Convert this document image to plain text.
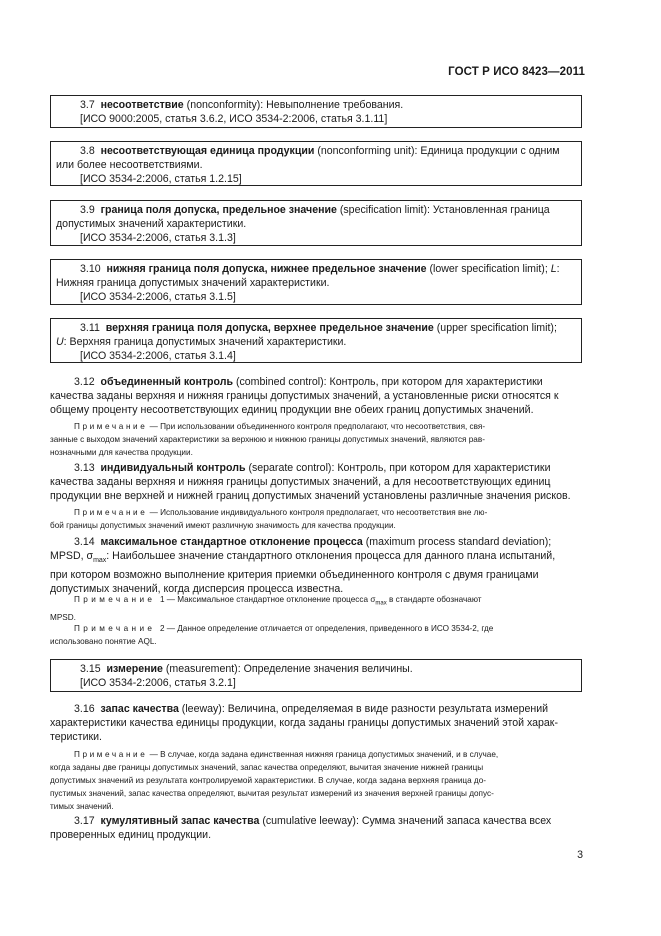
ГОСТ Р ИСО 8423—2011
3.7 несоответствие (nonconformity): Невыполнение требования.
[ИСО 9000:2005, статья 3.6.2, ИСО 3534-2:2006, статья 3.1.11]
3.8 несоответствующая единица продукции (nonconforming unit): Единица продукции с одним
или более несоответствиями.
[ИСО 3534-2:2006, статья 1.2.15]
3.9 граница поля допуска, предельное значение (specification limit): Установленная граница
допустимых значений характеристики.
[ИСО 3534-2:2006, статья 3.1.3]
3.10 нижняя граница поля допуска, нижнее предельное значение (lower specification limit); L:
Нижняя граница допустимых значений характеристики.
[ИСО 3534-2:2006, статья 3.1.5]
3.11 верхняя граница поля допуска, верхнее предельное значение (upper specification limit);
U: Верхняя граница допустимых значений характеристики.
[ИСО 3534-2:2006, статья 3.1.4]
3.12 объединенный контроль (combined control): Контроль, при котором для характеристики
качества заданы верхняя и нижняя границы допустимых значений, а установленные риски относятся к
общему проценту несоответствующих единиц продукции вне обеих границ допустимых значений.
Примечание — При использовании объединенного контроля предполагают, что несоответствия, свя-
занные с выходом значений характеристики за верхнюю и нижнюю границы допустимых значений, являются рав-
нозначными для качества продукции.
3.13 индивидуальный контроль (separate control): Контроль, при котором для характеристики
качества заданы верхняя и нижняя границы допустимых значений, а для несоответствующих единиц
продукции вне верхней и нижней границ допустимых значений установлены различные значения рисков.
Примечание — Использование индивидуального контроля предполагает, что несоответствия вне лю-
бой границы допустимых значений имеют различную значимость для качества продукции.
3.14 максимальное стандартное отклонение процесса (maximum process standard deviation);
MPSD, $\sigma_{max}$: Наибольшее значение стандартного отклонения процесса для данного плана испытаний,
при котором возможно выполнение критерия приемки объединенного контроля с двумя границами
допустимых значений, когда дисперсия процесса известна.
Примечание 1 — Максимальное стандартное отклонение процесса $\sigma_{max}$ в стандарте обозначают
MPSD.
Примечание 2 — Данное определение отличается от определения, приведенного в ИСО 3534-2, где
использовано понятие AQL.
3.15 измерение (measurement): Определение значения величины.
[ИСО 3534-2:2006, статья 3.2.1]
3.16 запас качества (leeway): Величина, определяемая в виде разности результата измерений
характеристики качества единицы продукции, когда заданы границы допустимых значений этой харак-
теристики.
Примечание — В случае, когда задана единственная нижняя граница допустимых значений, и в случае,
когда заданы две границы допустимых значений, запас качества определяют, вычитая значение нижней границы
допустимых значений из результата контролируемой характеристики. В случае, когда задана верхняя граница до-
пустимых значений, запас качества определяют, вычитая результат измерений из значения верхней границы допус-
тимых значений.
3.17 кумулятивный запас качества (cumulative leeway): Сумма значений запаса качества всех
проверенных единиц продукции.
3
